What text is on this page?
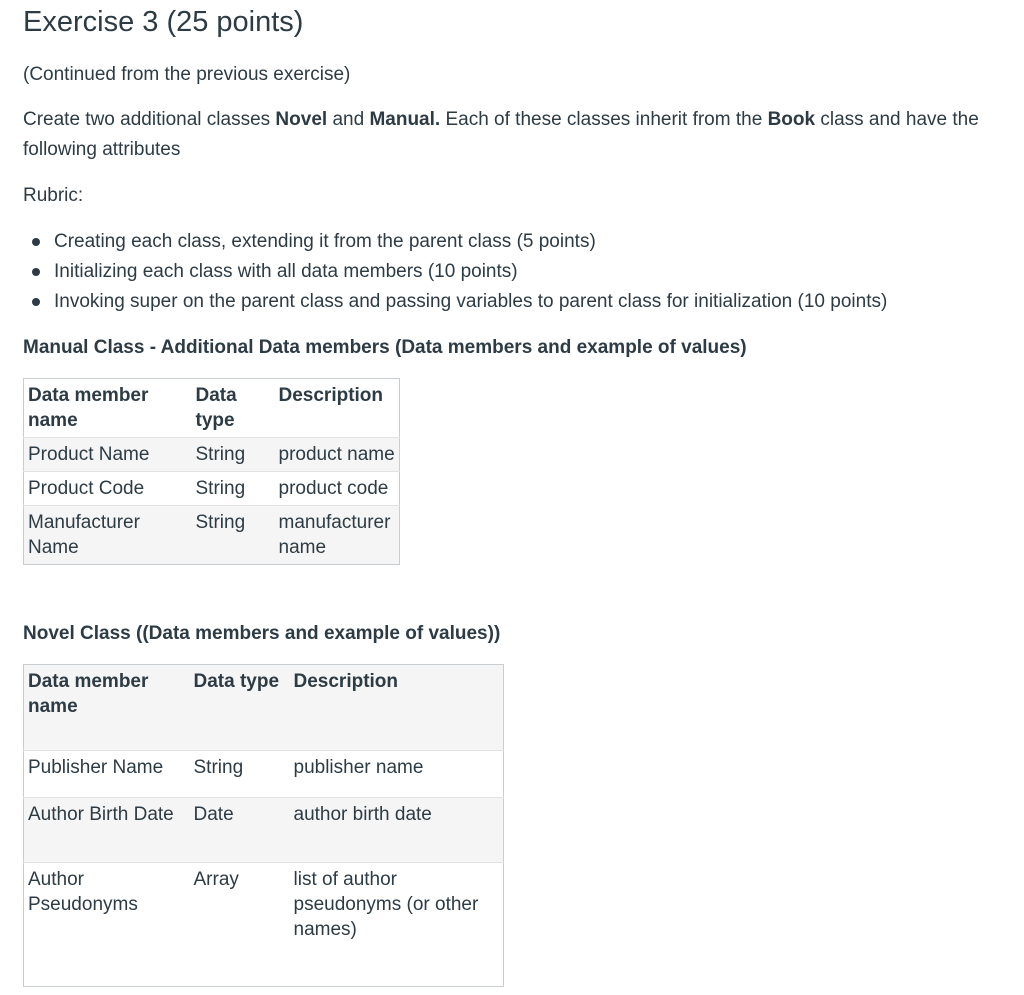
Exercise 3 (25 points)

(Continued from the previous exercise)

Create two additional classes Novel and Manual. Each of these classes inherit from the Book class and have the following attributes

Rubric:

Creating each class, extending it from the parent class (5 points)
Initializing each class with all data members (10 points)
Invoking super on the parent class and passing variables to parent class for initialization (10 points)
Manual Class - Additional Data members (Data members and example of values)
Data member name	Data type	Description
Product Name	String	product name
Product Code	String	product code
Manufacturer Name	String	manufacturer name
Novel Class ((Data members and example of values))
Data member name	Data type	Description
Publisher Name	String	publisher name
Author Birth Date	Date	author birth date
Author Pseudonyms	Array	list of author pseudonyms (or other names)
